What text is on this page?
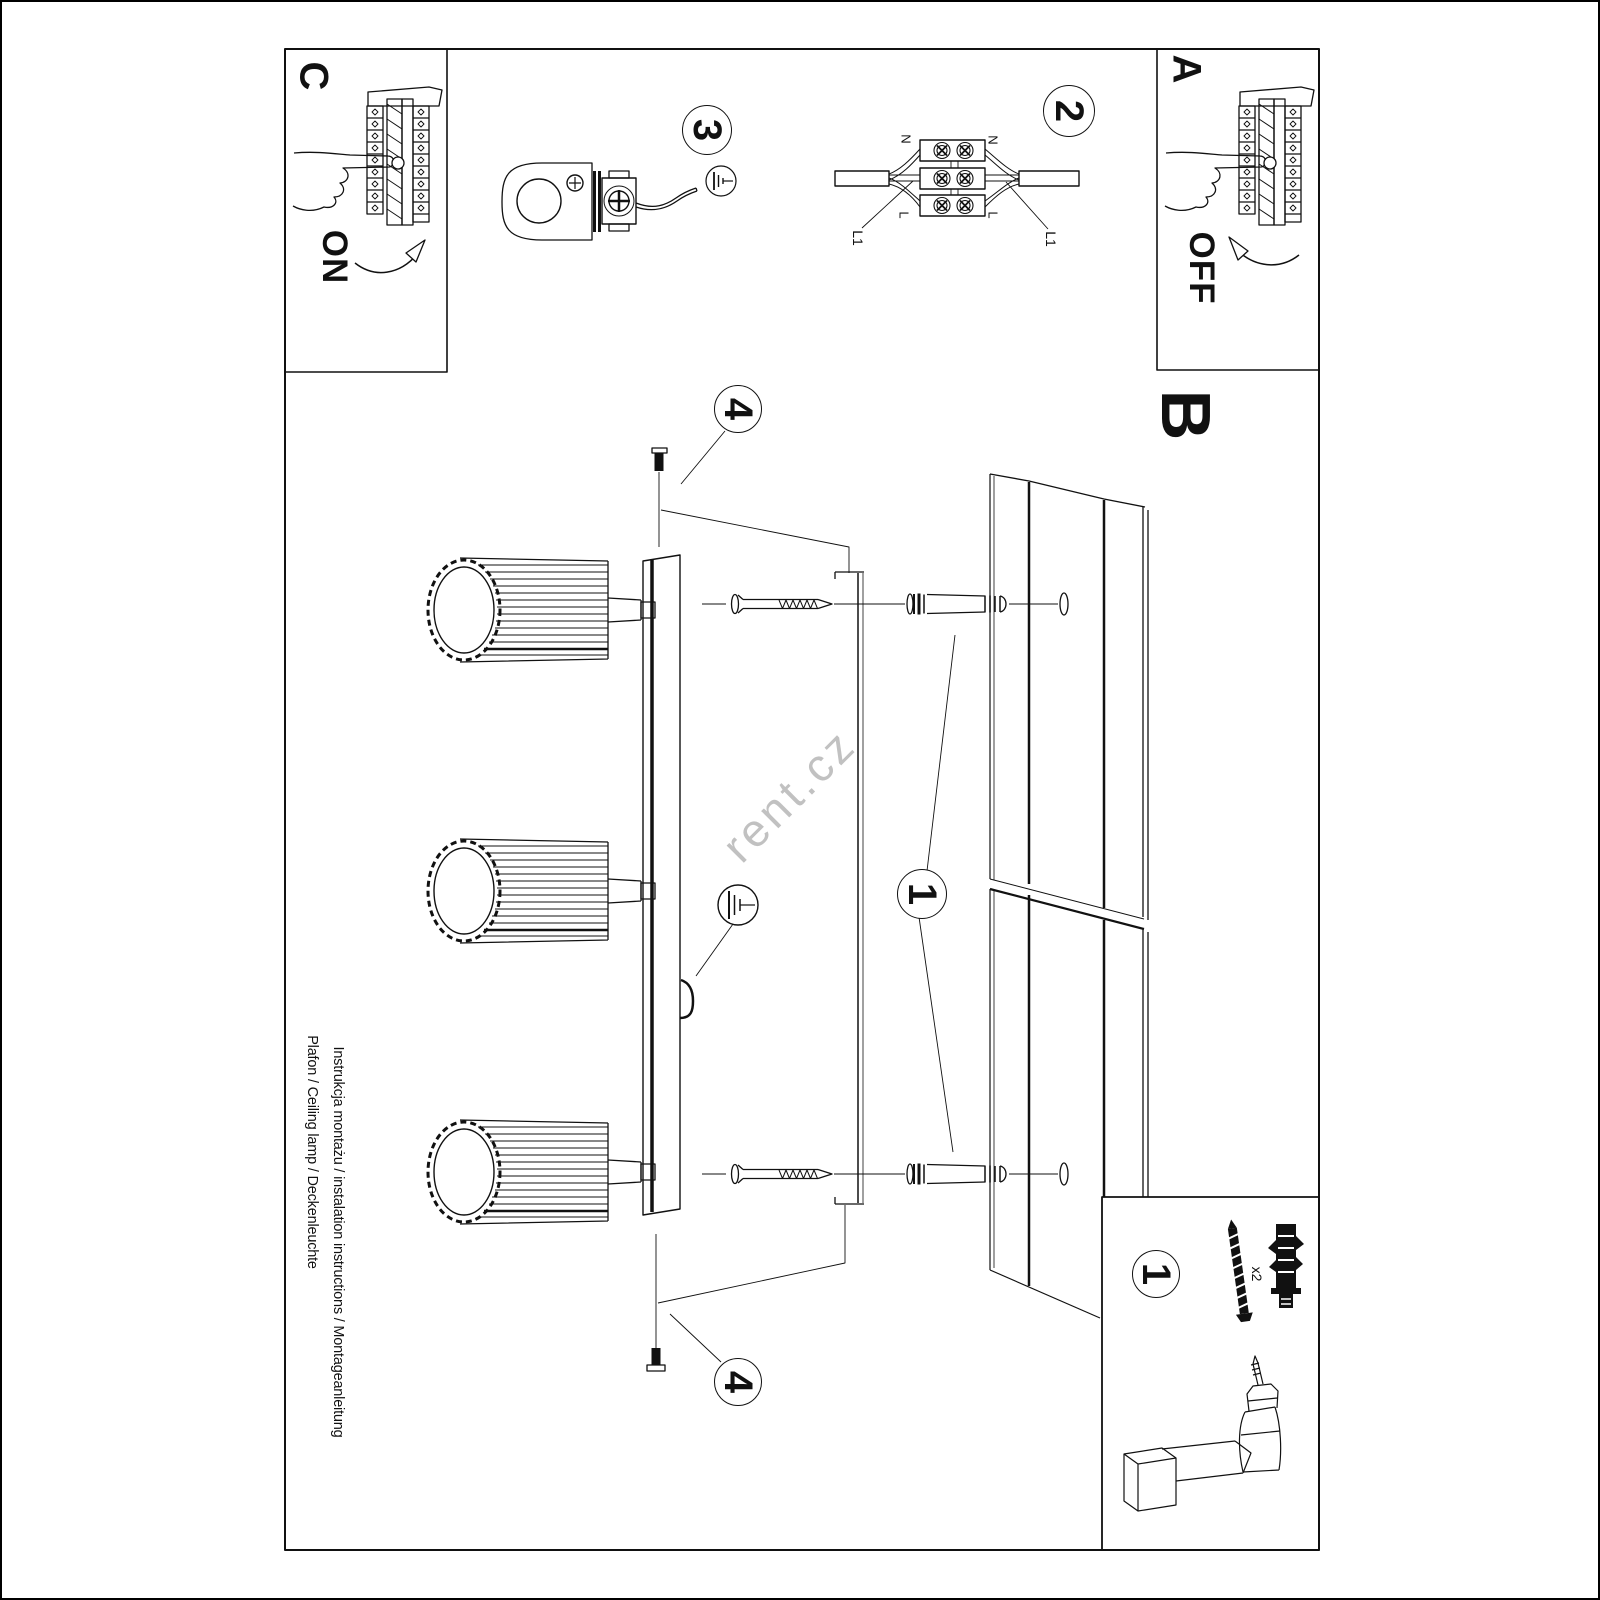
rent.cz
C
ON
A
OFF
B
N	N
L	L
L1	L1
3
2
4
4
1
1	x2
Instrukcja montażu / instalation instructions / Montageanleitung
Plafon / Ceiling lamp / Deckenleuchte
